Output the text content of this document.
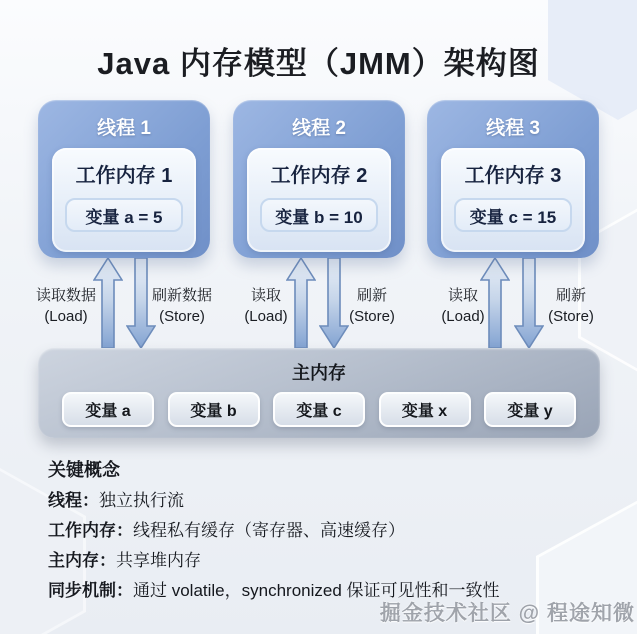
Java 内存模型（JMM）架构图
线程 1
工作内存 1
变量 a = 5
线程 2
工作内存 2
变量 b = 10
线程 3
工作内存 3
变量 c = 15
读取数据
(Load)
刷新数据
(Store)
读取
(Load)
刷新
(Store)
读取
(Load)
刷新
(Store)
主内存
变量 a	变量 b	变量 c	变量 x	变量 y
关键概念
线程：独立执行流
工作内存：线程私有缓存（寄存器、高速缓存）
主内存：共享堆内存
同步机制：通过 volatile，synchronized 保证可见性和一致性
掘金技术社区 @ 程途知微
